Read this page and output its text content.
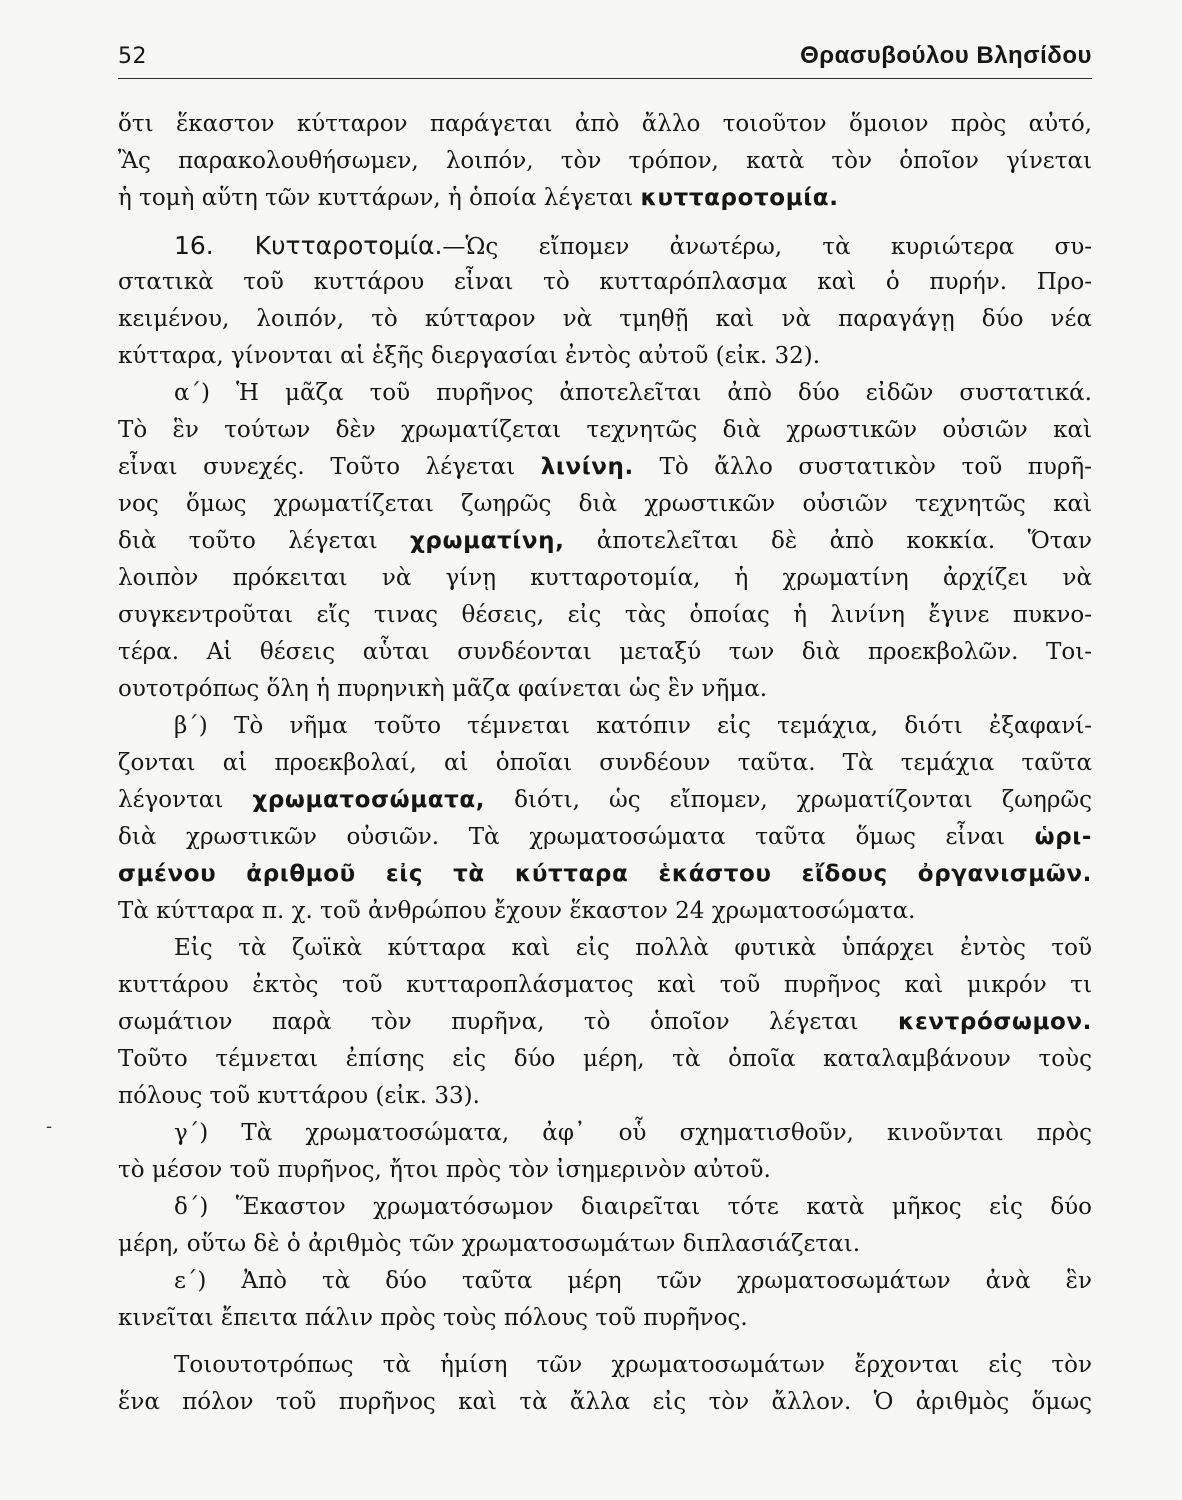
52	Θρασυβούλου Βλησίδου
-
ὅτι ἕκαστον κύτταρον παράγεται ἀπὸ ἄλλο τοιοῦτον ὅμοιον πρὸς αὐτό,
Ἂς παρακολουθήσωμεν, λοιπόν, τὸν τρόπον, κατὰ τὸν ὁποῖον γίνεται
ἡ τομὴ αὕτη τῶν κυττάρων, ἡ ὁποία λέγεται κυτταροτομία.
16. Κυτταροτομία.—Ὡς εἴπομεν ἀνωτέρω, τὰ κυριώτερα συ-
στατικὰ τοῦ κυττάρου εἶναι τὸ κυτταρόπλασμα καὶ ὁ πυρήν. Προ-
κειμένου, λοιπόν, τὸ κύτταρον νὰ τμηθῇ καὶ νὰ παραγάγῃ δύο νέα
κύτταρα, γίνονται αἱ ἑξῆς διεργασίαι ἐντὸς αὐτοῦ (εἰκ. 32).
α΄) Ἡ μᾶζα τοῦ πυρῆνος ἀποτελεῖται ἀπὸ δύο εἰδῶν συστατικά.
Τὸ ἓν τούτων δὲν χρωματίζεται τεχνητῶς διὰ χρωστικῶν οὐσιῶν καὶ
εἶναι συνεχές. Τοῦτο λέγεται λινίνη. Τὸ ἄλλο συστατικὸν τοῦ πυρῆ-
νος ὅμως χρωματίζεται ζωηρῶς διὰ χρωστικῶν οὐσιῶν τεχνητῶς καὶ
διὰ τοῦτο λέγεται χρωματίνη, ἀποτελεῖται δὲ ἀπὸ κοκκία. Ὅταν
λοιπὸν πρόκειται νὰ γίνῃ κυτταροτομία, ἡ χρωματίνη ἀρχίζει νὰ
συγκεντροῦται εἴς τινας θέσεις, εἰς τὰς ὁποίας ἡ λινίνη ἔγινε πυκνο-
τέρα. Αἱ θέσεις αὗται συνδέονται μεταξύ των διὰ προεκβολῶν. Τοι-
ουτοτρόπως ὅλη ἡ πυρηνικὴ μᾶζα φαίνεται ὡς ἓν νῆμα.
β΄) Τὸ νῆμα τοῦτο τέμνεται κατόπιν εἰς τεμάχια, διότι ἐξαφανί-
ζονται αἱ προεκβολαί, αἱ ὁποῖαι συνδέουν ταῦτα. Τὰ τεμάχια ταῦτα
λέγονται χρωματοσώματα, διότι, ὡς εἴπομεν, χρωματίζονται ζωηρῶς
διὰ χρωστικῶν οὐσιῶν. Τὰ χρωματοσώματα ταῦτα ὅμως εἶναι ὡρι-
σμένου ἀριθμοῦ εἰς τὰ κύτταρα ἑκάστου εἴδους ὀργανισμῶν.
Τὰ κύτταρα π. χ. τοῦ ἀνθρώπου ἔχουν ἕκαστον 24 χρωματοσώματα.
Εἰς τὰ ζωϊκὰ κύτταρα καὶ εἰς πολλὰ φυτικὰ ὑπάρχει ἐντὸς τοῦ
κυττάρου ἐκτὸς τοῦ κυτταροπλάσματος καὶ τοῦ πυρῆνος καὶ μικρόν τι
σωμάτιον παρὰ τὸν πυρῆνα, τὸ ὁποῖον λέγεται κεντρόσωμον.
Τοῦτο τέμνεται ἐπίσης εἰς δύο μέρη, τὰ ὁποῖα καταλαμβάνουν τοὺς
πόλους τοῦ κυττάρου (εἰκ. 33).
γ΄) Τὰ χρωματοσώματα, ἀφ᾽ οὗ σχηματισθοῦν, κινοῦνται πρὸς
τὸ μέσον τοῦ πυρῆνος, ἤτοι πρὸς τὸν ἰσημερινὸν αὐτοῦ.
δ΄) Ἕκαστον χρωματόσωμον διαιρεῖται τότε κατὰ μῆκος εἰς δύο
μέρη, οὕτω δὲ ὁ ἀριθμὸς τῶν χρωματοσωμάτων διπλασιάζεται.
ε΄) Ἀπὸ τὰ δύο ταῦτα μέρη τῶν χρωματοσωμάτων ἀνὰ ἓν
κινεῖται ἔπειτα πάλιν πρὸς τοὺς πόλους τοῦ πυρῆνος.
Τοιουτοτρόπως τὰ ἡμίση τῶν χρωματοσωμάτων ἔρχονται εἰς τὸν
ἕνα πόλον τοῦ πυρῆνος καὶ τὰ ἄλλα εἰς τὸν ἄλλον. Ὁ ἀριθμὸς ὅμως
